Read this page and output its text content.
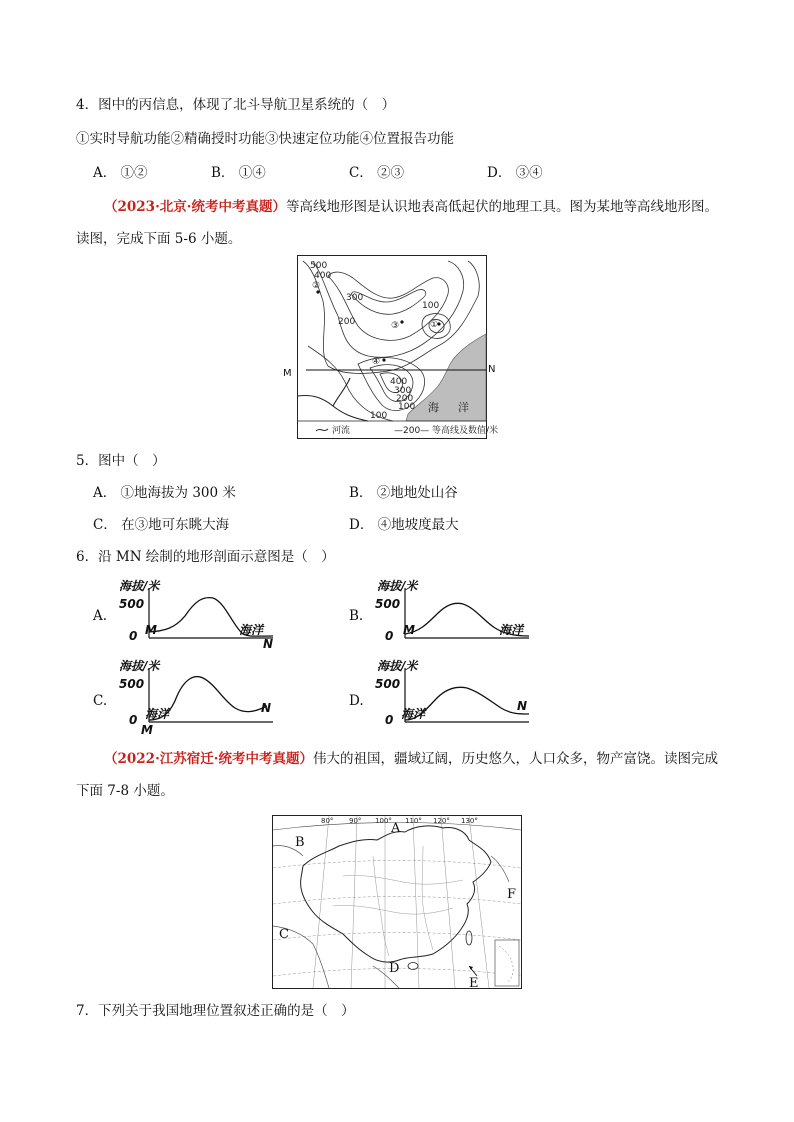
4．图中的丙信息，体现了北斗导航卫星系统的（　）
①实时导航功能②精确授时功能③快速定位功能④位置报告功能
A． ①②	B． ①④	C． ②③	D． ③④
（2023·北京·统考中考真题）等高线地形图是认识地表高低起伏的地理工具。图为某地等高线地形图。
读图，完成下面 5-6 小题。
500
400
300
200
100
②
③	①
④
400
300
200
100
100
海 洋
河流	—200— 等高线及数值/米
M	N
5．图中（　）
A． ①地海拔为 300 米	B． ②地地处山谷
C． 在③地可东眺大海	D． ④地坡度最大
6．沿 MN 绘制的地形剖面示意图是（　）
A.
海拔/米
500
0 M	海洋
N
B.
海拔/米
500
0 M	海洋
C.
海拔/米
500
0 海洋	N
M
D.
海拔/米
500
0 海洋
N
（2022·江苏宿迁·统考中考真题）伟大的祖国，疆域辽阔，历史悠久，人口众多，物产富饶。读图完成
下面 7-8 小题。
80° 90° 100° 110° 120° 130°
A
B
C
D
E
F
7．下列关于我国地理位置叙述正确的是（　）
